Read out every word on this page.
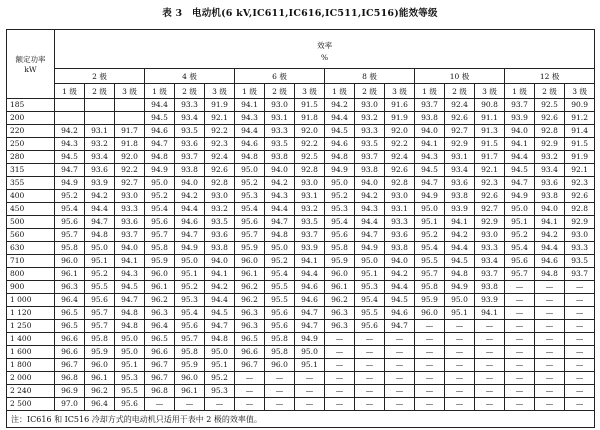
表 3　电动机(6 kV,IC611,IC616,IC511,IC516)能效等级
额定功率
kW	效率
%																	

	2 极			4 极			6 极			8 极			10 极			12 极		
	1 级	2 级	3 级	1 级	2 级	3 级	1 级	2 级	3 级	1 级	2 级	3 级	1 级	2 级	3 级	1 级	2 级	3 级
185				94.4	93.3	91.9	94.1	93.0	91.5	94.2	93.0	91.6	93.7	92.4	90.8	93.7	92.5	90.9
200				94.5	93.4	92.1	94.3	93.1	91.8	94.4	93.2	91.9	93.8	92.6	91.1	93.9	92.6	91.2
220	94.2	93.1	91.7	94.6	93.5	92.2	94.4	93.3	92.0	94.5	93.3	92.0	94.0	92.7	91.3	94.0	92.8	91.4
250	94.3	93.2	91.8	94.7	93.6	92.3	94.6	93.5	92.2	94.6	93.5	92.2	94.1	92.9	91.5	94.1	92.9	91.5
280	94.5	93.4	92.0	94.8	93.7	92.4	94.8	93.8	92.5	94.8	93.7	92.4	94.3	93.1	91.7	94.4	93.2	91.9
315	94.7	93.6	92.2	94.9	93.8	92.6	95.0	94.0	92.8	94.9	93.8	92.6	94.5	93.4	92.1	94.5	93.4	92.1
355	94.9	93.9	92.7	95.0	94.0	92.8	95.2	94.2	93.0	95.0	94.0	92.8	94.7	93.6	92.3	94.7	93.6	92.3
400	95.2	94.2	93.0	95.2	94.2	93.0	95.3	94.3	93.1	95.2	94.2	93.0	94.9	93.8	92.6	94.9	93.8	92.6
450	95.4	94.4	93.3	95.4	94.4	93.2	95.4	94.4	93.2	95.3	94.3	93.1	95.0	93.9	92.7	95.0	94.0	92.8
500	95.6	94.7	93.6	95.6	94.6	93.5	95.6	94.7	93.5	95.4	94.4	93.3	95.1	94.1	92.9	95.1	94.1	92.9
560	95.7	94.8	93.7	95.7	94.7	93.6	95.7	94.8	93.7	95.6	94.7	93.6	95.2	94.2	93.0	95.2	94.2	93.0
630	95.8	95.0	94.0	95.8	94.9	93.8	95.9	95.0	93.9	95.8	94.9	93.8	95.4	94.4	93.3	95.4	94.4	93.3
710	96.0	95.1	94.1	95.9	95.0	94.0	96.0	95.2	94.1	95.9	95.0	94.0	95.5	94.5	93.4	95.6	94.6	93.5
800	96.1	95.2	94.3	96.0	95.1	94.1	96.1	95.4	94.4	96.0	95.1	94.2	95.7	94.8	93.7	95.7	94.8	93.7
900	96.3	95.5	94.5	96.1	95.2	94.2	96.2	95.5	94.6	96.1	95.3	94.4	95.8	94.9	93.8	—	—	—
1 000	96.4	95.6	94.7	96.2	95.3	94.4	96.2	95.5	94.6	96.2	95.4	94.5	95.9	95.0	93.9	—	—	—
1 120	96.5	95.7	94.8	96.3	95.4	94.5	96.3	95.6	94.7	96.3	95.5	94.6	96.0	95.1	94.1	—	—	—
1 250	96.5	95.7	94.8	96.4	95.6	94.7	96.3	95.6	94.7	96.3	95.6	94.7	—	—	—	—	—	—
1 400	96.6	95.8	95.0	96.5	95.7	94.8	96.5	95.8	94.9	—	—	—	—	—	—	—	—	—
1 600	96.6	95.9	95.0	96.6	95.8	95.0	96.6	95.8	95.0	—	—	—	—	—	—	—	—	—
1 800	96.7	96.0	95.1	96.7	95.9	95.1	96.7	96.0	95.1	—	—	—	—	—	—	—	—	—
2 000	96.8	96.1	95.3	96.7	96.0	95.2	—	—	—	—	—	—	—	—	—	—	—	—
2 240	96.9	96.2	95.5	96.8	96.1	95.3	—	—	—	—	—	—	—	—	—	—	—	—
2 500	97.0	96.4	95.6	—	—	—	—	—	—	—	—	—	—	—	—	—	—	—
注：IC616 和 IC516 冷却方式的电动机只适用于表中 2 极的效率值。																		
